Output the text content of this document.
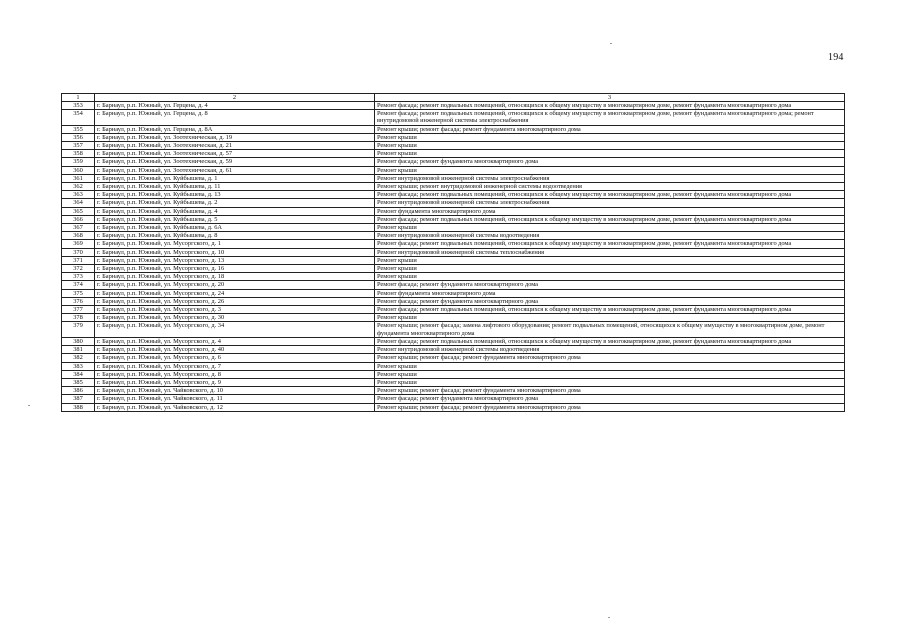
194
1	2	3
353	г. Барнаул, р.п. Южный, ул. Герцена, д. 4	Ремонт фасада; ремонт подвальных помещений, относящихся к общему имуществу в многоквартирном доме, ремонт фундамента многоквартирного дома
354	г. Барнаул, р.п. Южный, ул. Герцена, д. 8	Ремонт фасада; ремонт подвальных помещений, относящихся к общему имуществу в многоквартирном доме, ремонт фундамента многоквартирного дома; ремонт внутридомовой инженерной системы электроснабжения
355	г. Барнаул, р.п. Южный, ул. Герцена, д. 8А	Ремонт крыши; ремонт фасада; ремонт фундамента многоквартирного дома
356	г. Барнаул, р.п. Южный, ул. Зоотехническая, д. 19	Ремонт крыши
357	г. Барнаул, р.п. Южный, ул. Зоотехническая, д. 21	Ремонт крыши
358	г. Барнаул, р.п. Южный, ул. Зоотехническая, д. 57	Ремонт крыши
359	г. Барнаул, р.п. Южный, ул. Зоотехническая, д. 59	Ремонт фасада; ремонт фундамента многоквартирного дома
360	г. Барнаул, р.п. Южный, ул. Зоотехническая, д. 61	Ремонт крыши
361	г. Барнаул, р.п. Южный, ул. Куйбышева, д. 1	Ремонт внутридомовой инженерной системы электроснабжения
362	г. Барнаул, р.п. Южный, ул. Куйбышева, д. 11	Ремонт крыши; ремонт внутридомовой инженерной системы водоотведения
363	г. Барнаул, р.п. Южный, ул. Куйбышева, д. 13	Ремонт фасада; ремонт подвальных помещений, относящихся к общему имуществу в многоквартирном доме, ремонт фундамента многоквартирного дома
364	г. Барнаул, р.п. Южный, ул. Куйбышева, д. 2	Ремонт внутридомовой инженерной системы электроснабжения
365	г. Барнаул, р.п. Южный, ул. Куйбышева, д. 4	Ремонт фундамента многоквартирного дома
366	г. Барнаул, р.п. Южный, ул. Куйбышева, д. 5	Ремонт фасада; ремонт подвальных помещений, относящихся к общему имуществу в многоквартирном доме, ремонт фундамента многоквартирного дома
367	г. Барнаул, р.п. Южный, ул. Куйбышева, д. 6А	Ремонт крыши
368	г. Барнаул, р.п. Южный, ул. Куйбышева, д. 8	Ремонт внутридомовой инженерной системы водоотведения
369	г. Барнаул, р.п. Южный, ул. Мусоргского, д. 1	Ремонт фасада; ремонт подвальных помещений, относящихся к общему имуществу в многоквартирном доме, ремонт фундамента многоквартирного дома
370	г. Барнаул, р.п. Южный, ул. Мусоргского, д. 10	Ремонт внутридомовой инженерной системы теплоснабжения
371	г. Барнаул, р.п. Южный, ул. Мусоргского, д. 13	Ремонт крыши
372	г. Барнаул, р.п. Южный, ул. Мусоргского, д. 16	Ремонт крыши
373	г. Барнаул, р.п. Южный, ул. Мусоргского, д. 18	Ремонт крыши
374	г. Барнаул, р.п. Южный, ул. Мусоргского, д. 20	Ремонт фасада; ремонт фундамента многоквартирного дома
375	г. Барнаул, р.п. Южный, ул. Мусоргского, д. 24	Ремонт фундамента многоквартирного дома
376	г. Барнаул, р.п. Южный, ул. Мусоргского, д. 26	Ремонт фасада; ремонт фундамента многоквартирного дома
377	г. Барнаул, р.п. Южный, ул. Мусоргского, д. 3	Ремонт фасада; ремонт подвальных помещений, относящихся к общему имуществу в многоквартирном доме, ремонт фундамента многоквартирного дома
378	г. Барнаул, р.п. Южный, ул. Мусоргского, д. 30	Ремонт крыши
379	г. Барнаул, р.п. Южный, ул. Мусоргского, д. 34	Ремонт крыши; ремонт фасада; замена лифтового оборудования; ремонт подвальных помещений, относящихся к общему имуществу в многоквартирном доме, ремонт фундамента многоквартирного дома
380	г. Барнаул, р.п. Южный, ул. Мусоргского, д. 4	Ремонт фасада; ремонт подвальных помещений, относящихся к общему имуществу в многоквартирном доме, ремонт фундамента многоквартирного дома
381	г. Барнаул, р.п. Южный, ул. Мусоргского, д. 40	Ремонт внутридомовой инженерной системы водоотведения
382	г. Барнаул, р.п. Южный, ул. Мусоргского, д. 6	Ремонт крыши; ремонт фасада; ремонт фундамента многоквартирного дома
383	г. Барнаул, р.п. Южный, ул. Мусоргского, д. 7	Ремонт крыши
384	г. Барнаул, р.п. Южный, ул. Мусоргского, д. 8	Ремонт крыши
385	г. Барнаул, р.п. Южный, ул. Мусоргского, д. 9	Ремонт крыши
386	г. Барнаул, р.п. Южный, ул. Чайковского, д. 10	Ремонт крыши; ремонт фасада; ремонт фундамента многоквартирного дома
387	г. Барнаул, р.п. Южный, ул. Чайковского, д. 11	Ремонт фасада; ремонт фундамента многоквартирного дома
388	г. Барнаул, р.п. Южный, ул. Чайковского, д. 12	Ремонт крыши; ремонт фасада; ремонт фундамента многоквартирного дома
